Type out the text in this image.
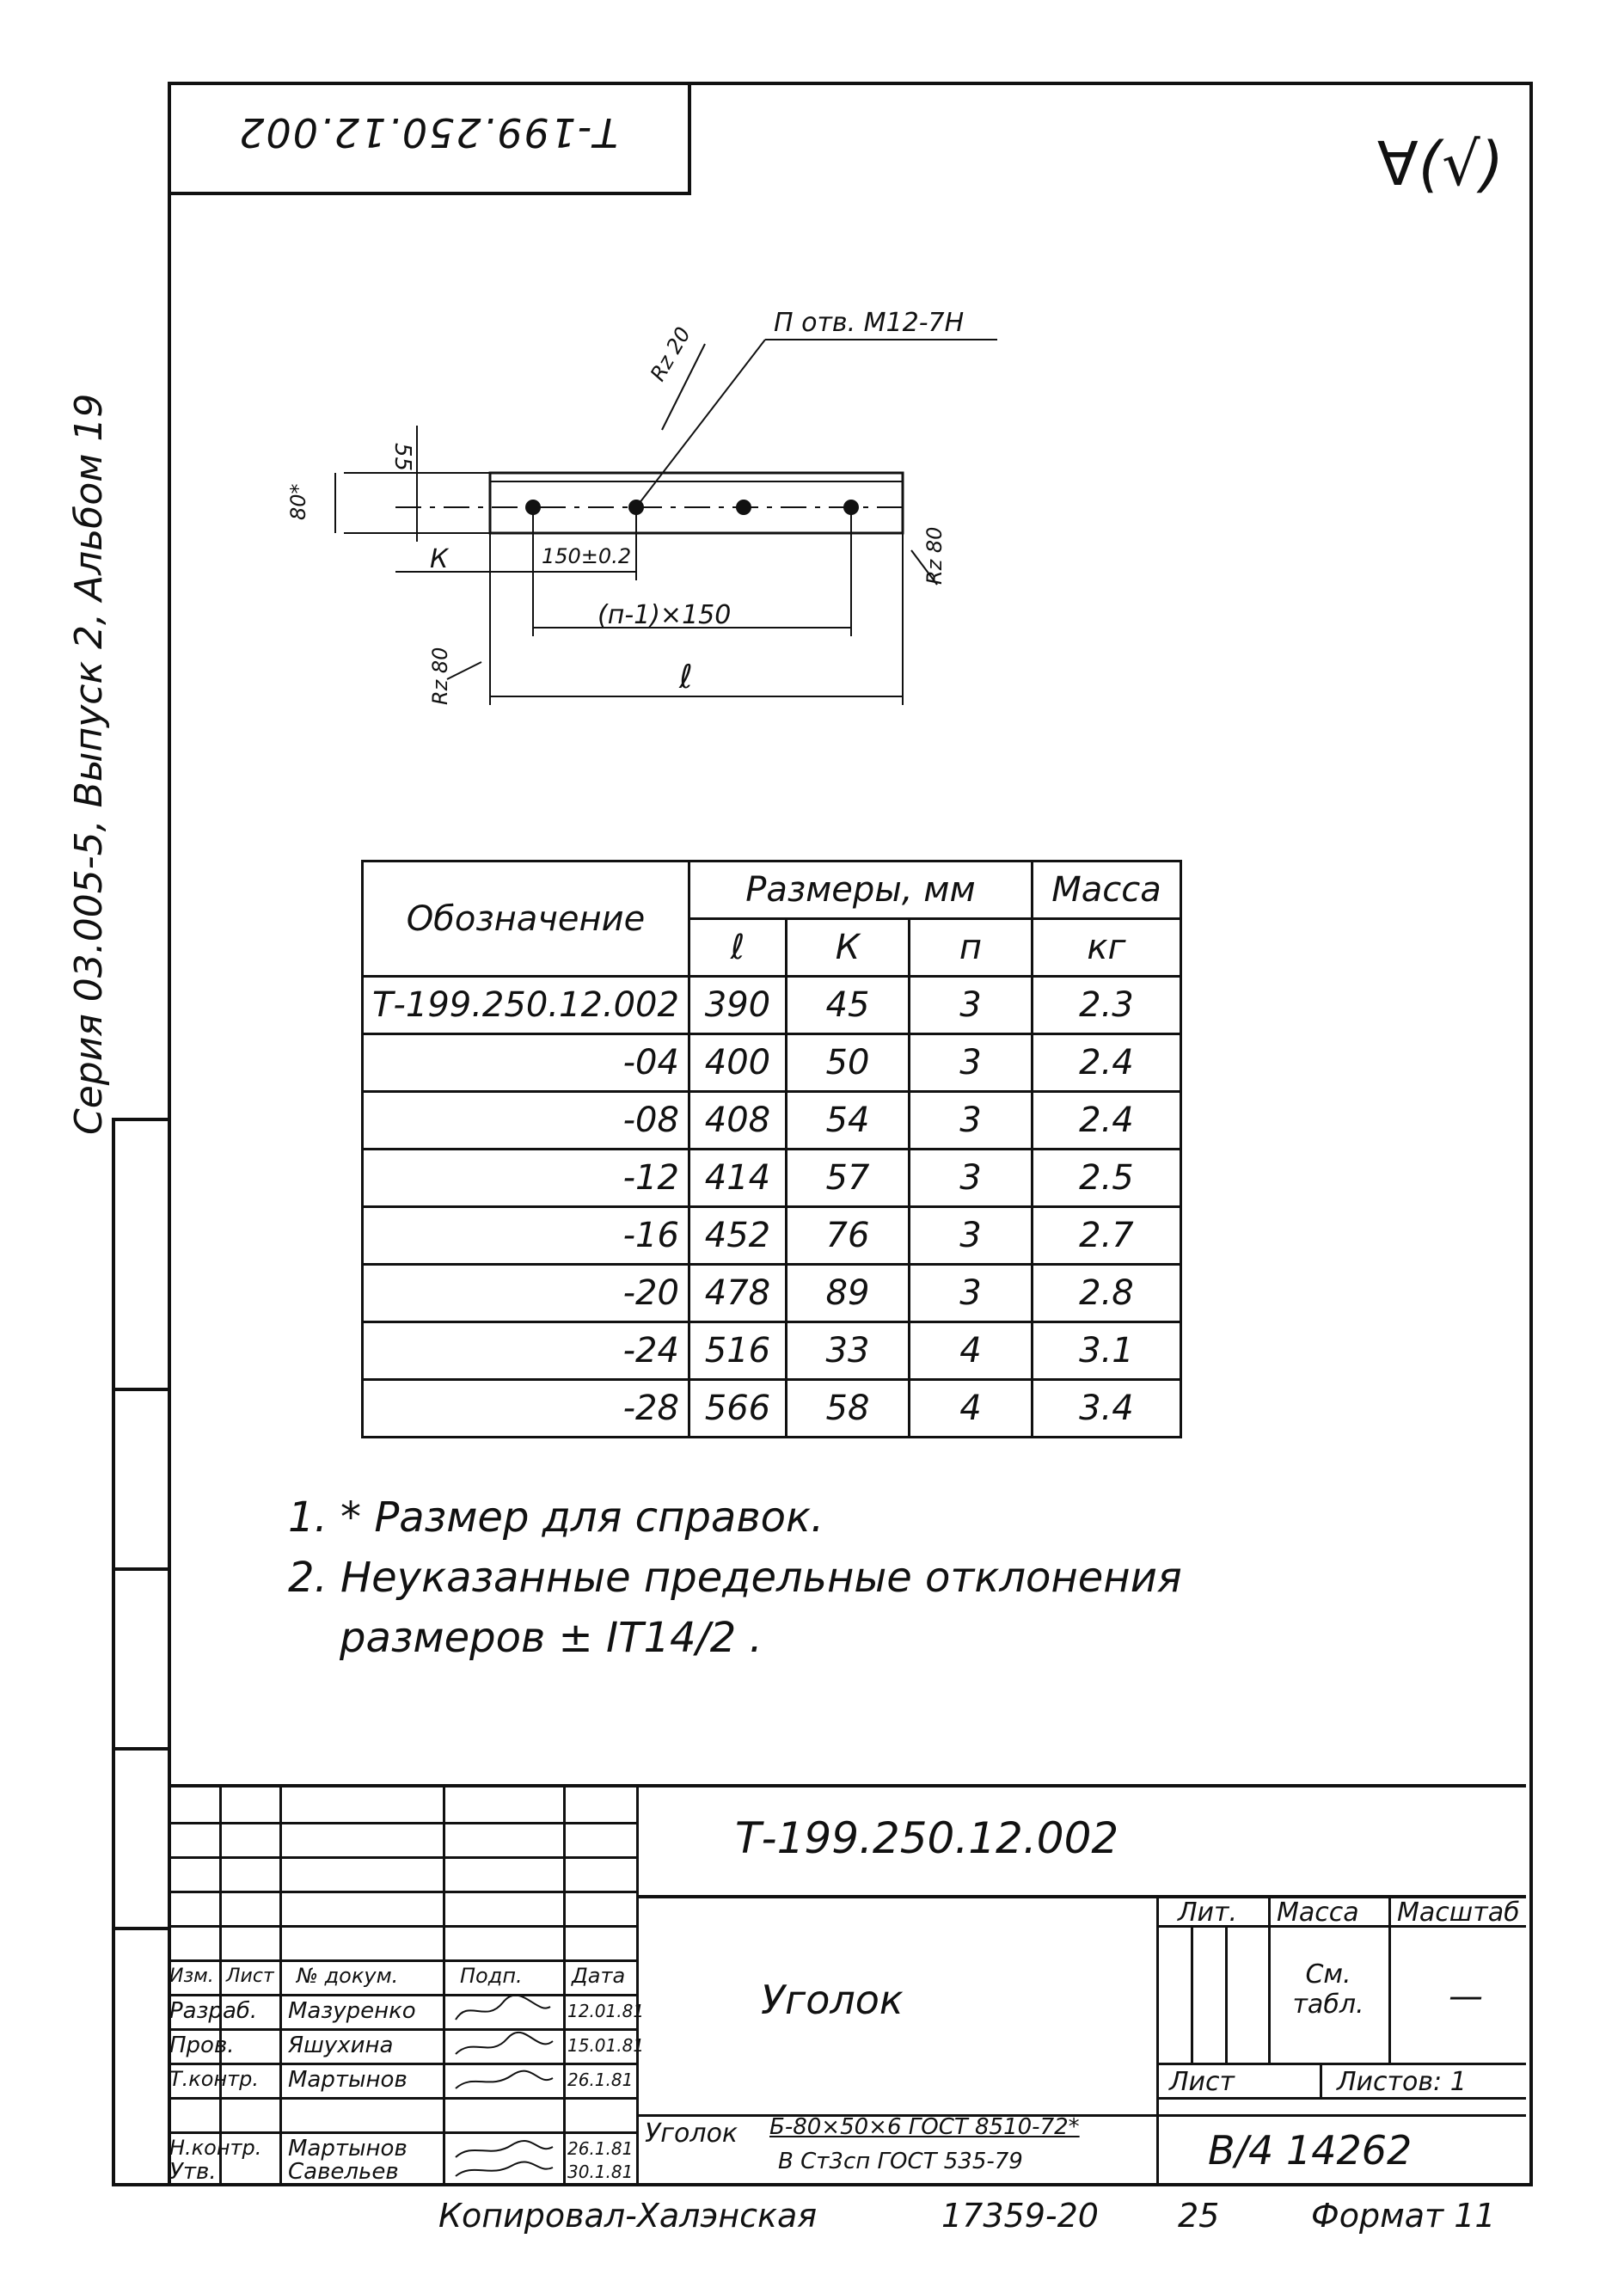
Т-199.250.12.002	∀(√)
Серия 03.005-5, Выпуск 2, Альбом 19
П отв. М12-7Н
Rz 20
Rz 80
Rz 80
55
80*
К	150±0.2
(п-1)×150
ℓ
Обозначение	Размеры, мм			Масса
	ℓ	К	п	кг
Т-199.250.12.002	390	45	3	2.3
-04	400	50	3	2.4
-08	408	54	3	2.4
-12	414	57	3	2.5
-16	452	76	3	2.7
-20	478	89	3	2.8
-24	516	33	4	3.1
-28	566	58	4	3.4
1. * Размер для справок.
2. Неуказанные предельные отклонения
размеров ± IT14/2 .
Т-199.250.12.002
Уголок
Лит. Масса Масштаб
См. табл.	—
Лист	Листов: 1
Уголок Б-80×50×6 ГОСТ 8510-72*
В Ст3сп ГОСТ 535-79	В/4 14262
Изм. Лист № докум.	Подп. Дата
Разраб. Мазуренко	12.01.81
Пров. Яшухина	15.01.81
Т.контр. Мартынов	26.1.81
Н.контр. Мартынов	26.1.81
Утв.	Савельев	30.1.81
Копировал-Халэнская	17359-20 25	Формат 11
